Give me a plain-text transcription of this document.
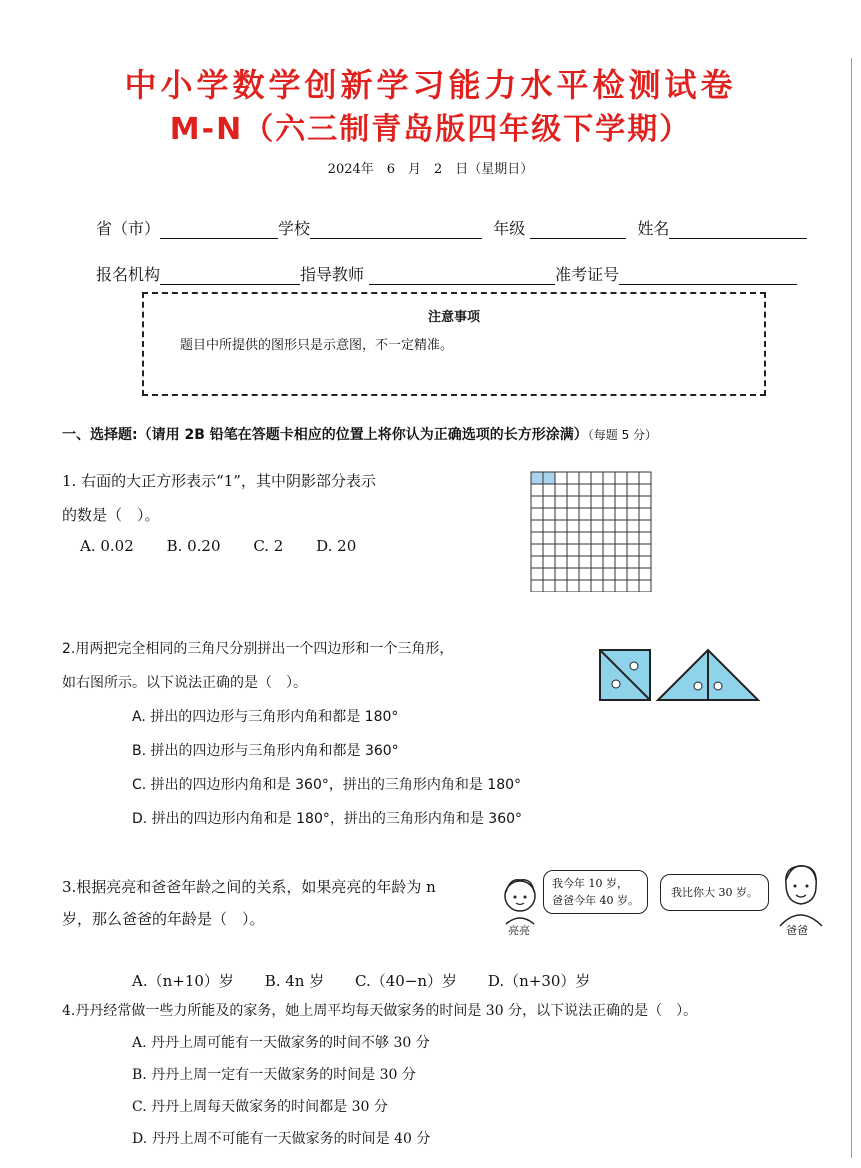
中小学数学创新学习能力水平检测试卷
M-N（六三制青岛版四年级下学期）
2024年　6　月　2　日（星期日）
省（市）	学校	年级	姓名
报名机构	指导教师	准考证号
注意事项
题目中所提供的图形只是示意图，不一定精准。
一、选择题:（请用 2B 铅笔在答题卡相应的位置上将你认为正确选项的长方形涂满）（每题 5 分）
1. 右面的大正方形表示“1”，其中阴影部分表示
的数是（　）。
A. 0.02 B. 0.20 C. 2 D. 20
2.用两把完全相同的三角尺分别拼出一个四边形和一个三角形，
如右图所示。以下说法正确的是（　）。
A. 拼出的四边形与三角形内角和都是 180°
B. 拼出的四边形与三角形内角和都是 360°
C. 拼出的四边形内角和是 360°，拼出的三角形内角和是 180°
D. 拼出的四边形内角和是 180°，拼出的三角形内角和是 360°
3.根据亮亮和爸爸年龄之间的关系，如果亮亮的年龄为 n
岁，那么爸爸的年龄是（　）。
亮亮
我今年 10 岁，
爸爸今年 40 岁。
我比你大 30 岁。
爸爸
A.（n+10）岁 B. 4n 岁 C.（40−n）岁 D.（n+30）岁
4.丹丹经常做一些力所能及的家务，她上周平均每天做家务的时间是 30 分，以下说法正确的是（　）。
A. 丹丹上周可能有一天做家务的时间不够 30 分
B. 丹丹上周一定有一天做家务的时间是 30 分
C. 丹丹上周每天做家务的时间都是 30 分
D. 丹丹上周不可能有一天做家务的时间是 40 分
